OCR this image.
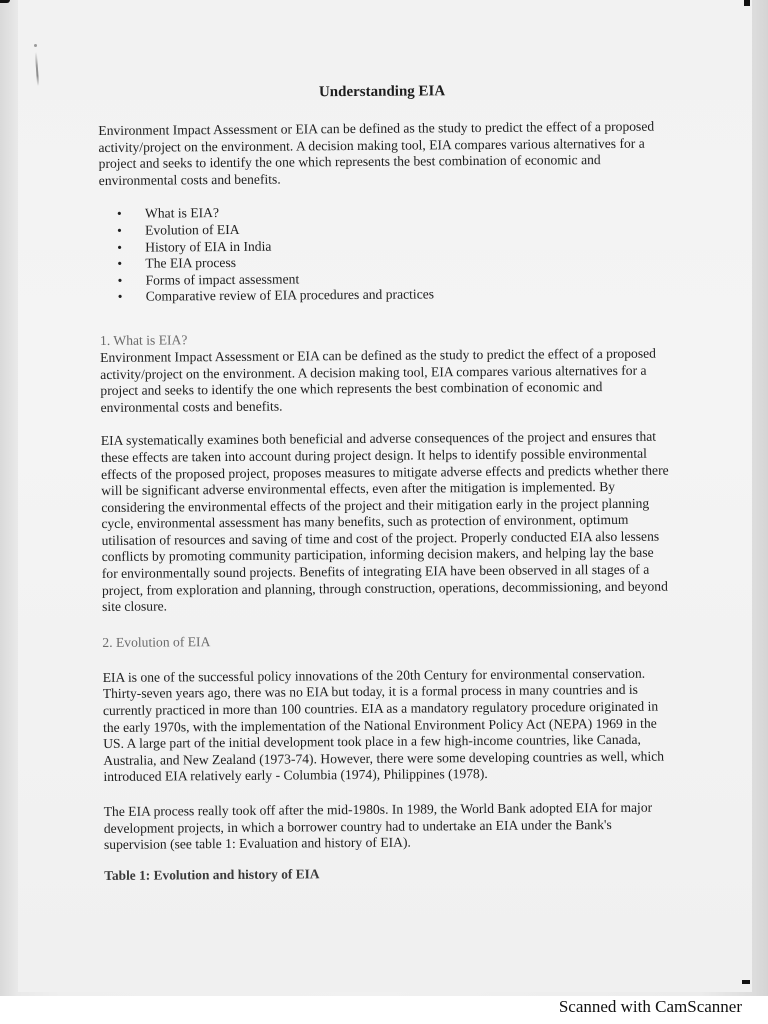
Understanding EIA

Environment Impact Assessment or EIA can be defined as the study to predict the effect of a proposed activity/project on the environment. A decision making tool, EIA compares various alternatives for a project and seeks to identify the one which represents the best combination of economic and environmental costs and benefits.

• What is EIA?
• Evolution of EIA
• History of EIA in India
• The EIA process
• Forms of impact assessment
• Comparative review of EIA procedures and practices

1. What is EIA?

Environment Impact Assessment or EIA can be defined as the study to predict the effect of a proposed activity/project on the environment. A decision making tool, EIA compares various alternatives for a project and seeks to identify the one which represents the best combination of economic and environmental costs and benefits.

EIA systematically examines both beneficial and adverse consequences of the project and ensures that these effects are taken into account during project design. It helps to identify possible environmental effects of the proposed project, proposes measures to mitigate adverse effects and predicts whether there will be significant adverse environmental effects, even after the mitigation is implemented. By considering the environmental effects of the project and their mitigation early in the project planning cycle, environmental assessment has many benefits, such as protection of environment, optimum utilisation of resources and saving of time and cost of the project. Properly conducted EIA also lessens conflicts by promoting community participation, informing decision makers, and helping lay the base for environmentally sound projects. Benefits of integrating EIA have been observed in all stages of a project, from exploration and planning, through construction, operations, decommissioning, and beyond site closure.

2. Evolution of EIA

EIA is one of the successful policy innovations of the 20th Century for environmental conservation. Thirty-seven years ago, there was no EIA but today, it is a formal process in many countries and is currently practiced in more than 100 countries. EIA as a mandatory regulatory procedure originated in the early 1970s, with the implementation of the National Environment Policy Act (NEPA) 1969 in the US. A large part of the initial development took place in a few high-income countries, like Canada, Australia, and New Zealand (1973-74). However, there were some developing countries as well, which introduced EIA relatively early - Columbia (1974), Philippines (1978).

The EIA process really took off after the mid-1980s. In 1989, the World Bank adopted EIA for major development projects, in which a borrower country had to undertake an EIA under the Bank's supervision (see table 1: Evaluation and history of EIA).

Table 1: Evolution and history of EIA

Scanned with CamScanner
